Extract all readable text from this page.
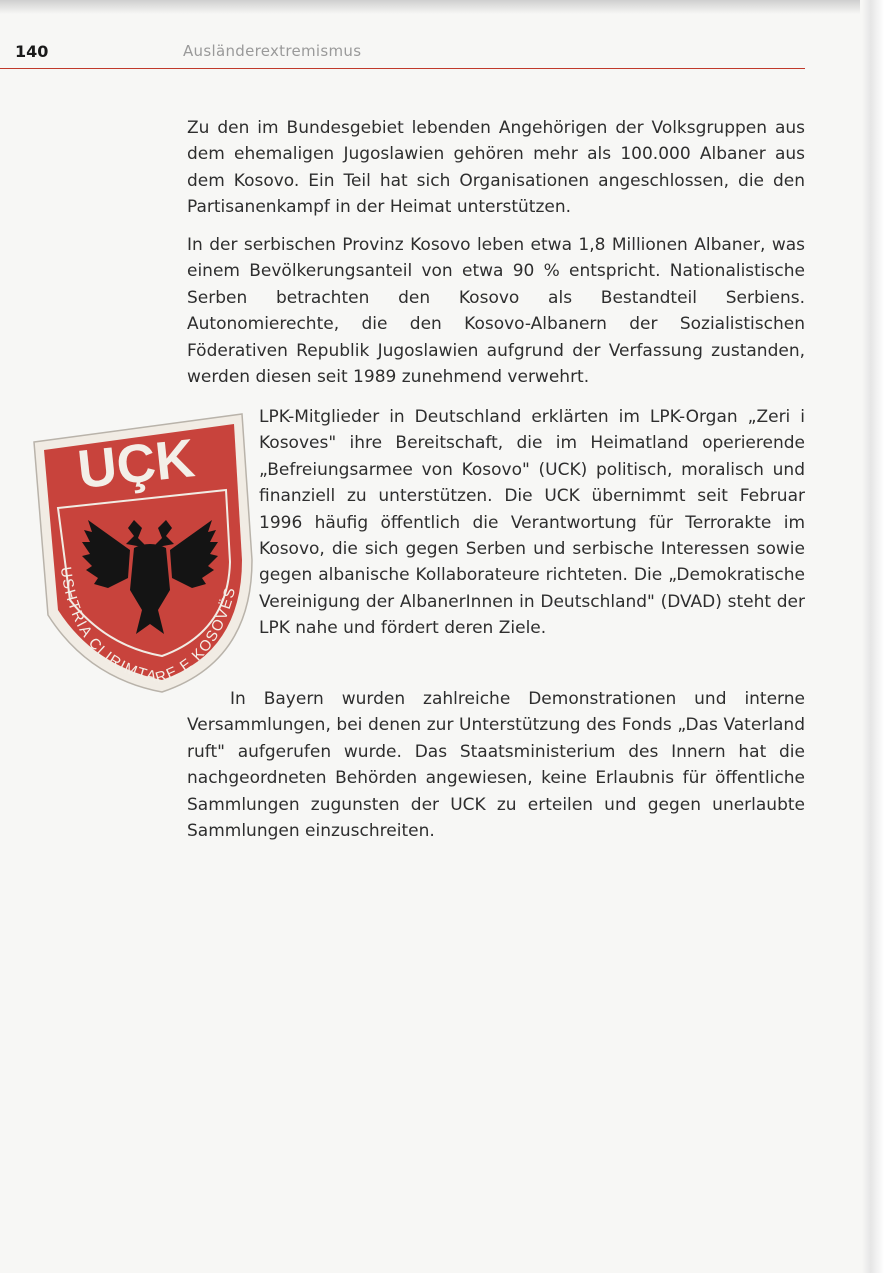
140	Ausländerextremismus

Zu den im Bundesgebiet lebenden Angehörigen der Volksgruppen aus dem ehemaligen Jugoslawien gehören mehr als 100.000 Albaner aus dem Kosovo. Ein Teil hat sich Organisationen angeschlossen, die den Partisanenkampf in der Heimat unterstützen.

In der serbischen Provinz Kosovo leben etwa 1,8 Millionen Albaner, was einem Bevölkerungsanteil von etwa 90 % entspricht. Nationalistische Serben betrachten den Kosovo als Bestandteil Serbiens. Autonomierechte, die den Kosovo-Albanern der Sozialistischen Föderativen Republik Jugoslawien aufgrund der Verfassung zustanden, werden diesen seit 1989 zunehmend verwehrt.

UÇK
USHTRIA ÇLIRIMTARE E KOSOVËS

LPK-Mitglieder in Deutschland erklärten im LPK-Organ „Zeri i Kosoves" ihre Bereitschaft, die im Heimatland operierende „Befreiungsarmee von Kosovo" (UCK) politisch, moralisch und finanziell zu unterstützen. Die UCK übernimmt seit Februar 1996 häufig öffentlich die Verantwortung für Terrorakte im Kosovo, die sich gegen Serben und serbische Interessen sowie gegen albanische Kollaborateure richteten. Die „Demokratische Vereinigung der AlbanerInnen in Deutschland" (DVAD) steht der LPK nahe und fördert deren Ziele.

In Bayern wurden zahlreiche Demonstrationen und interne Versammlungen, bei denen zur Unterstützung des Fonds „Das Vaterland ruft" aufgerufen wurde. Das Staatsministerium des Innern hat die nachgeordneten Behörden angewiesen, keine Erlaubnis für öffentliche Sammlungen zugunsten der UCK zu erteilen und gegen unerlaubte Sammlungen einzuschreiten.
